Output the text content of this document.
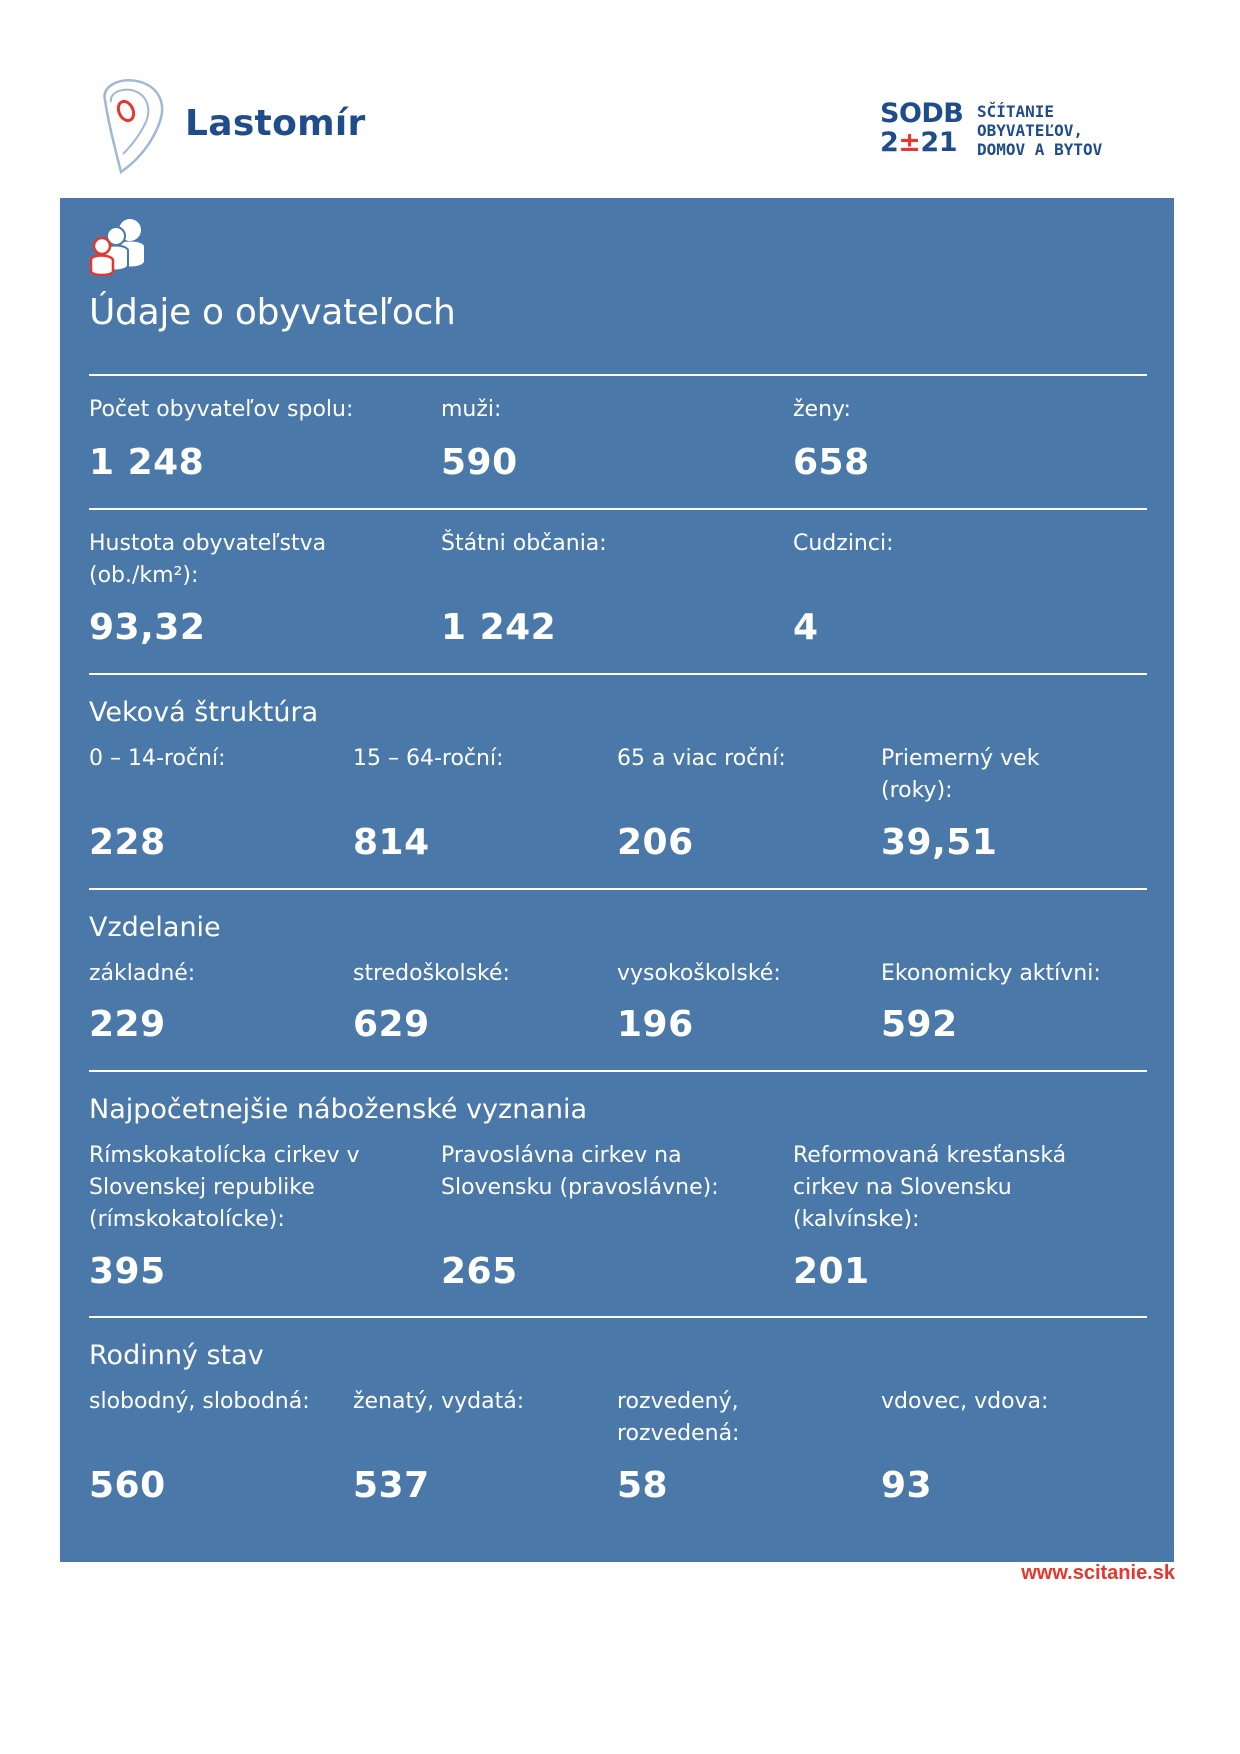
Lastomír	SODB
2±21
SČÍTANIE
OBYVATEĽOV,
DOMOV A BYTOV
Údaje o obyvateľoch
Počet obyvateľov spolu:
1 248
muži:
590
ženy:
658
Hustota obyvateľstva (ob./km²):
93,32
Štátni občania:
1 242
Cudzinci:
4
Veková štruktúra
0 – 14-roční:
228
15 – 64-roční:
814
65 a viac roční:
206
Priemerný vek (roky):
39,51
Vzdelanie
základné:
229
stredoškolské:
629
vysokoškolské:
196
Ekonomicky aktívni:
592
Najpočetnejšie náboženské vyznania
Rímskokatolícka cirkev v Slovenskej republike (rímskokatolícke):
395
Pravoslávna cirkev na Slovensku (pravoslávne):
265
Reformovaná kresťanská cirkev na Slovensku (kalvínske):
201
Rodinný stav
slobodný, slobodná:
560
ženatý, vydatá:
537
rozvedený, rozvedená:
58
vdovec, vdova:
93
www.scitanie.sk
